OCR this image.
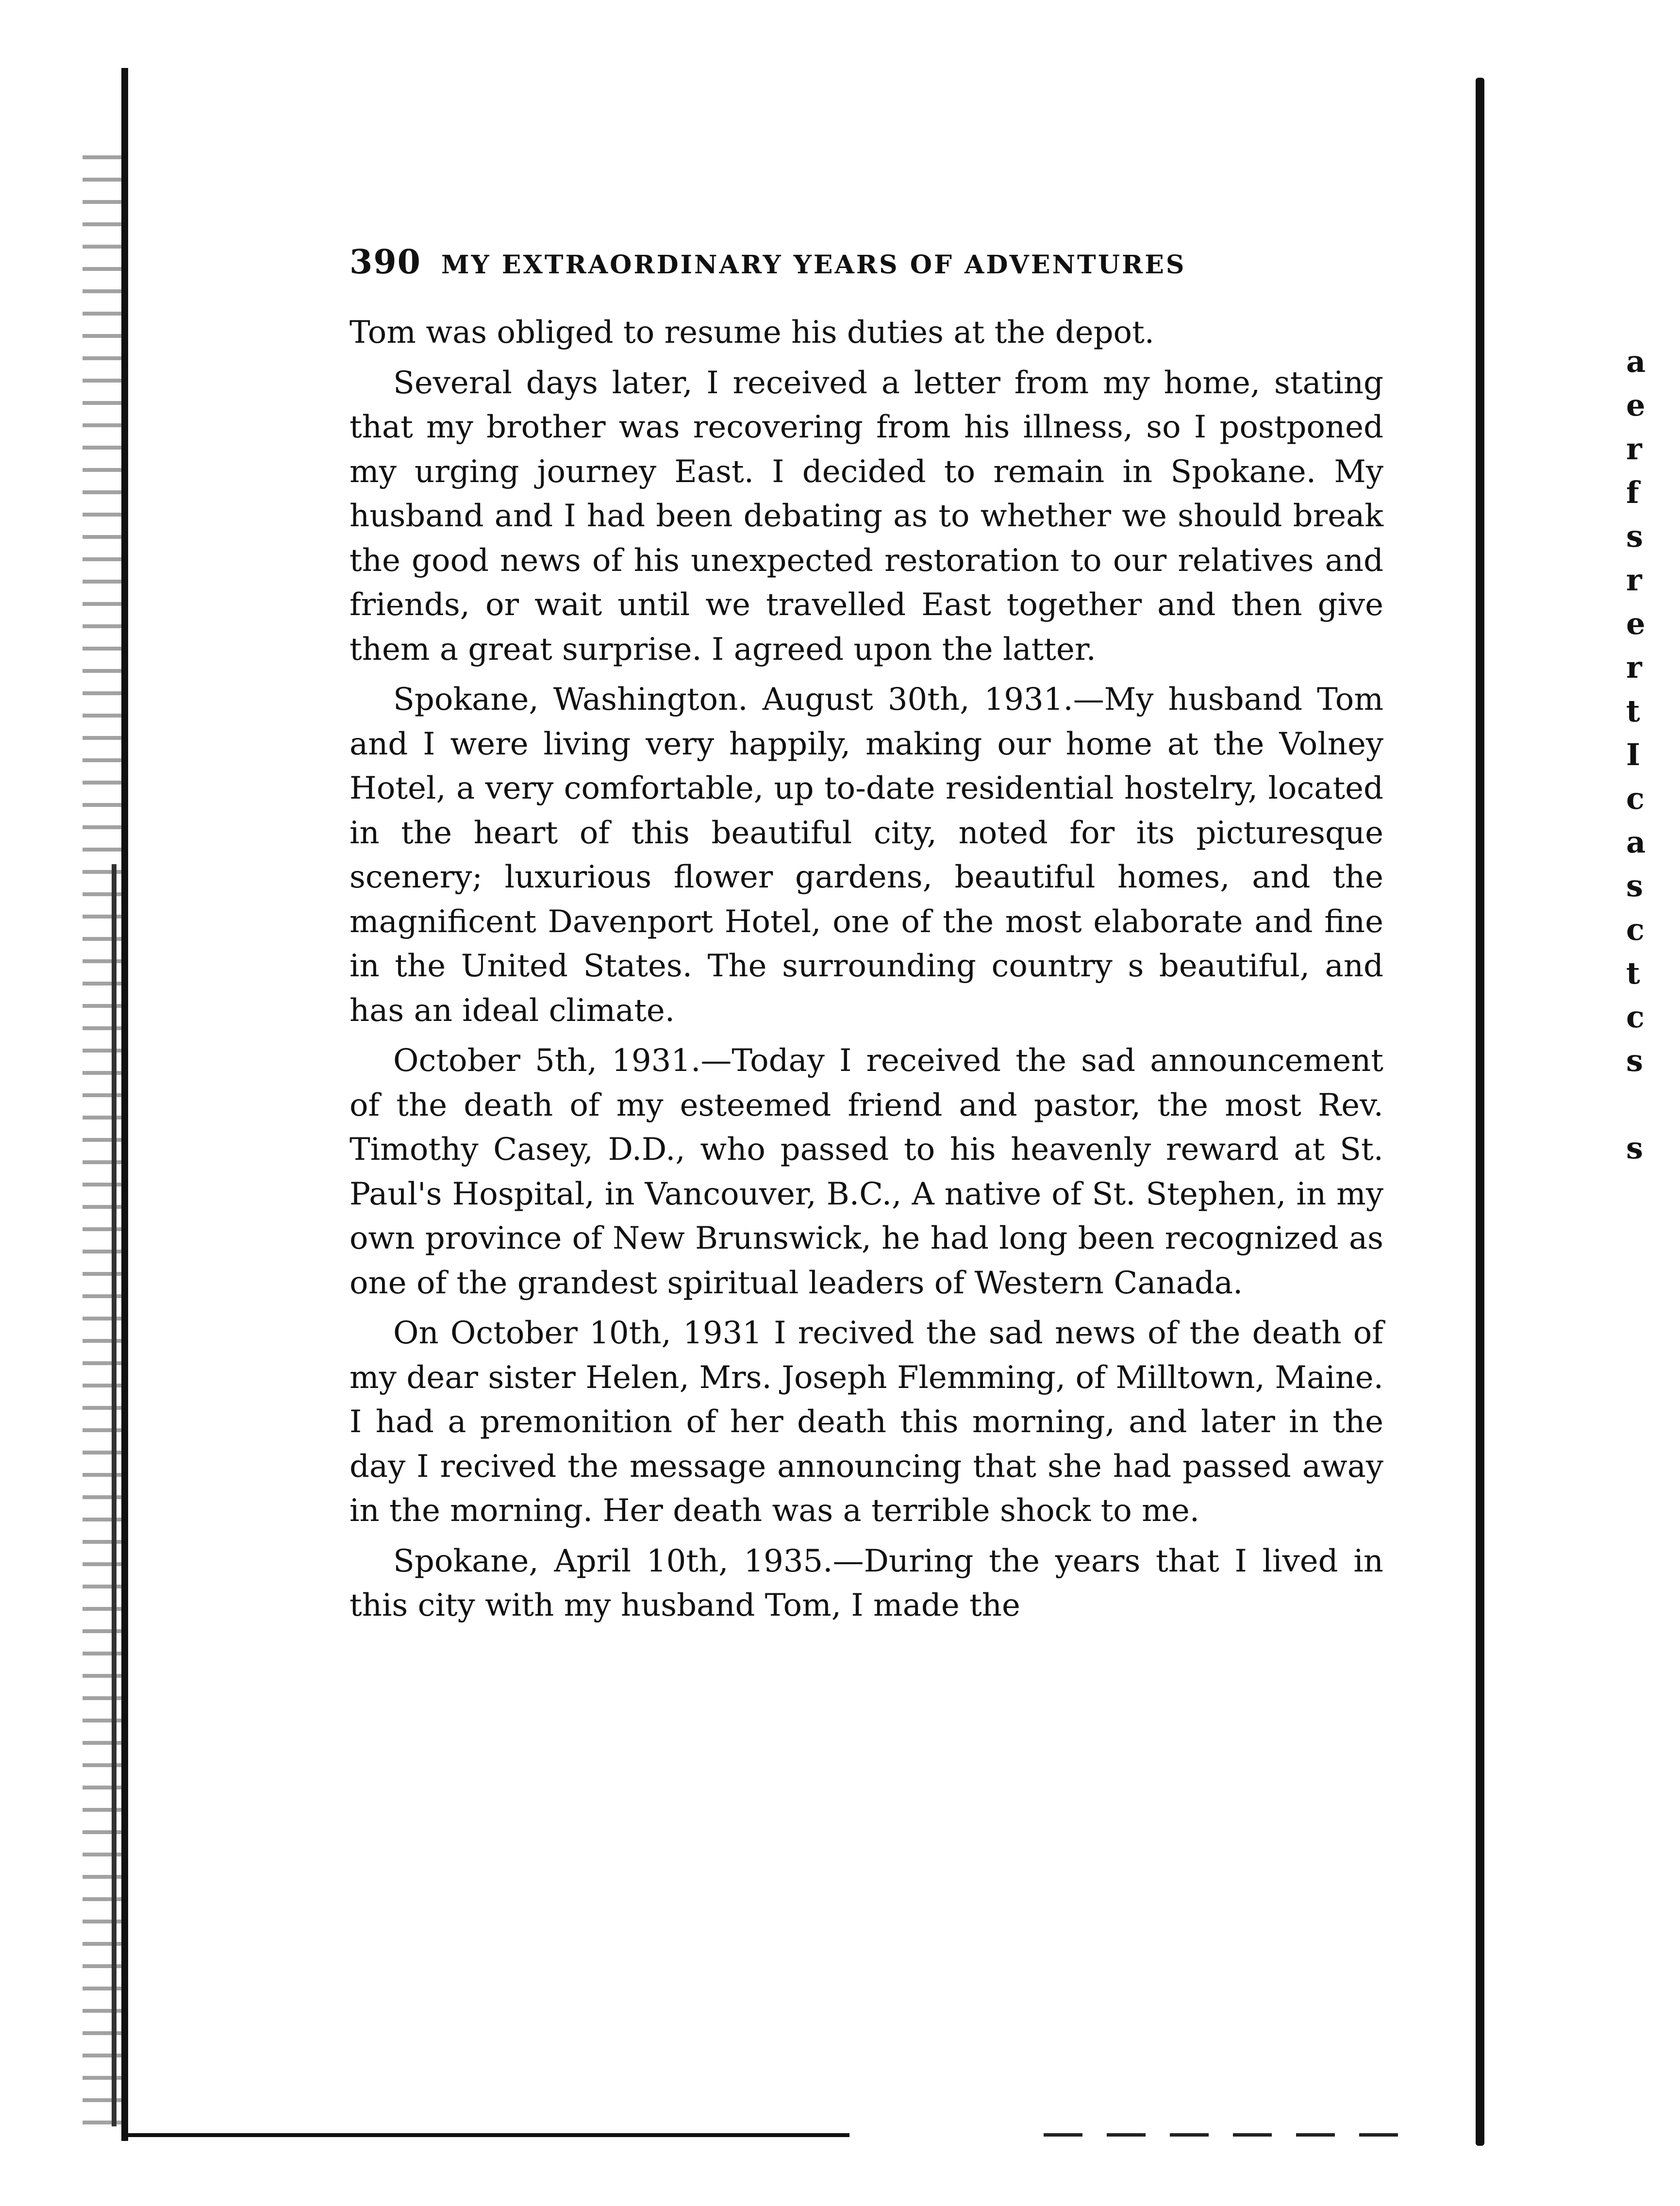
390 MY EXTRAORDINARY YEARS OF ADVENTURES

Tom was obliged to resume his duties at the depot.

Several days later, I received a letter from my home, stating that my brother was recovering from his illness, so I postponed my urging journey East. I decided to remain in Spokane. My husband and I had been debating as to whether we should break the good news of his unexpected restoration to our relatives and friends, or wait until we travelled East together and then give them a great surprise. I agreed upon the latter.

Spokane, Washington. August 30th, 1931.—My husband Tom and I were living very happily, making our home at the Volney Hotel, a very comfortable, up to-date residential hostelry, located in the heart of this beautiful city, noted for its picturesque scenery; luxurious flower gardens, beautiful homes, and the magnificent Davenport Hotel, one of the most elaborate and fine in the United States. The surrounding country s beautiful, and has an ideal climate.

October 5th, 1931.—Today I received the sad announcement of the death of my esteemed friend and pastor, the most Rev. Timothy Casey, D.D., who passed to his heavenly reward at St. Paul's Hospital, in Vancouver, B.C., A native of St. Stephen, in my own province of New Brunswick, he had long been recognized as one of the grandest spiritual leaders of Western Canada.

On October 10th, 1931 I recived the sad news of the death of my dear sister Helen, Mrs. Joseph Flemming, of Milltown, Maine. I had a premonition of her death this morning, and later in the day I recived the message announcing that she had passed away in the morning. Her death was a terrible shock to me.

Spokane, April 10th, 1935.—During the years that I lived in this city with my husband Tom, I made the

a
e
r
f
s
r
e
r
t
I
c
a
s
c
t
c
s
s
